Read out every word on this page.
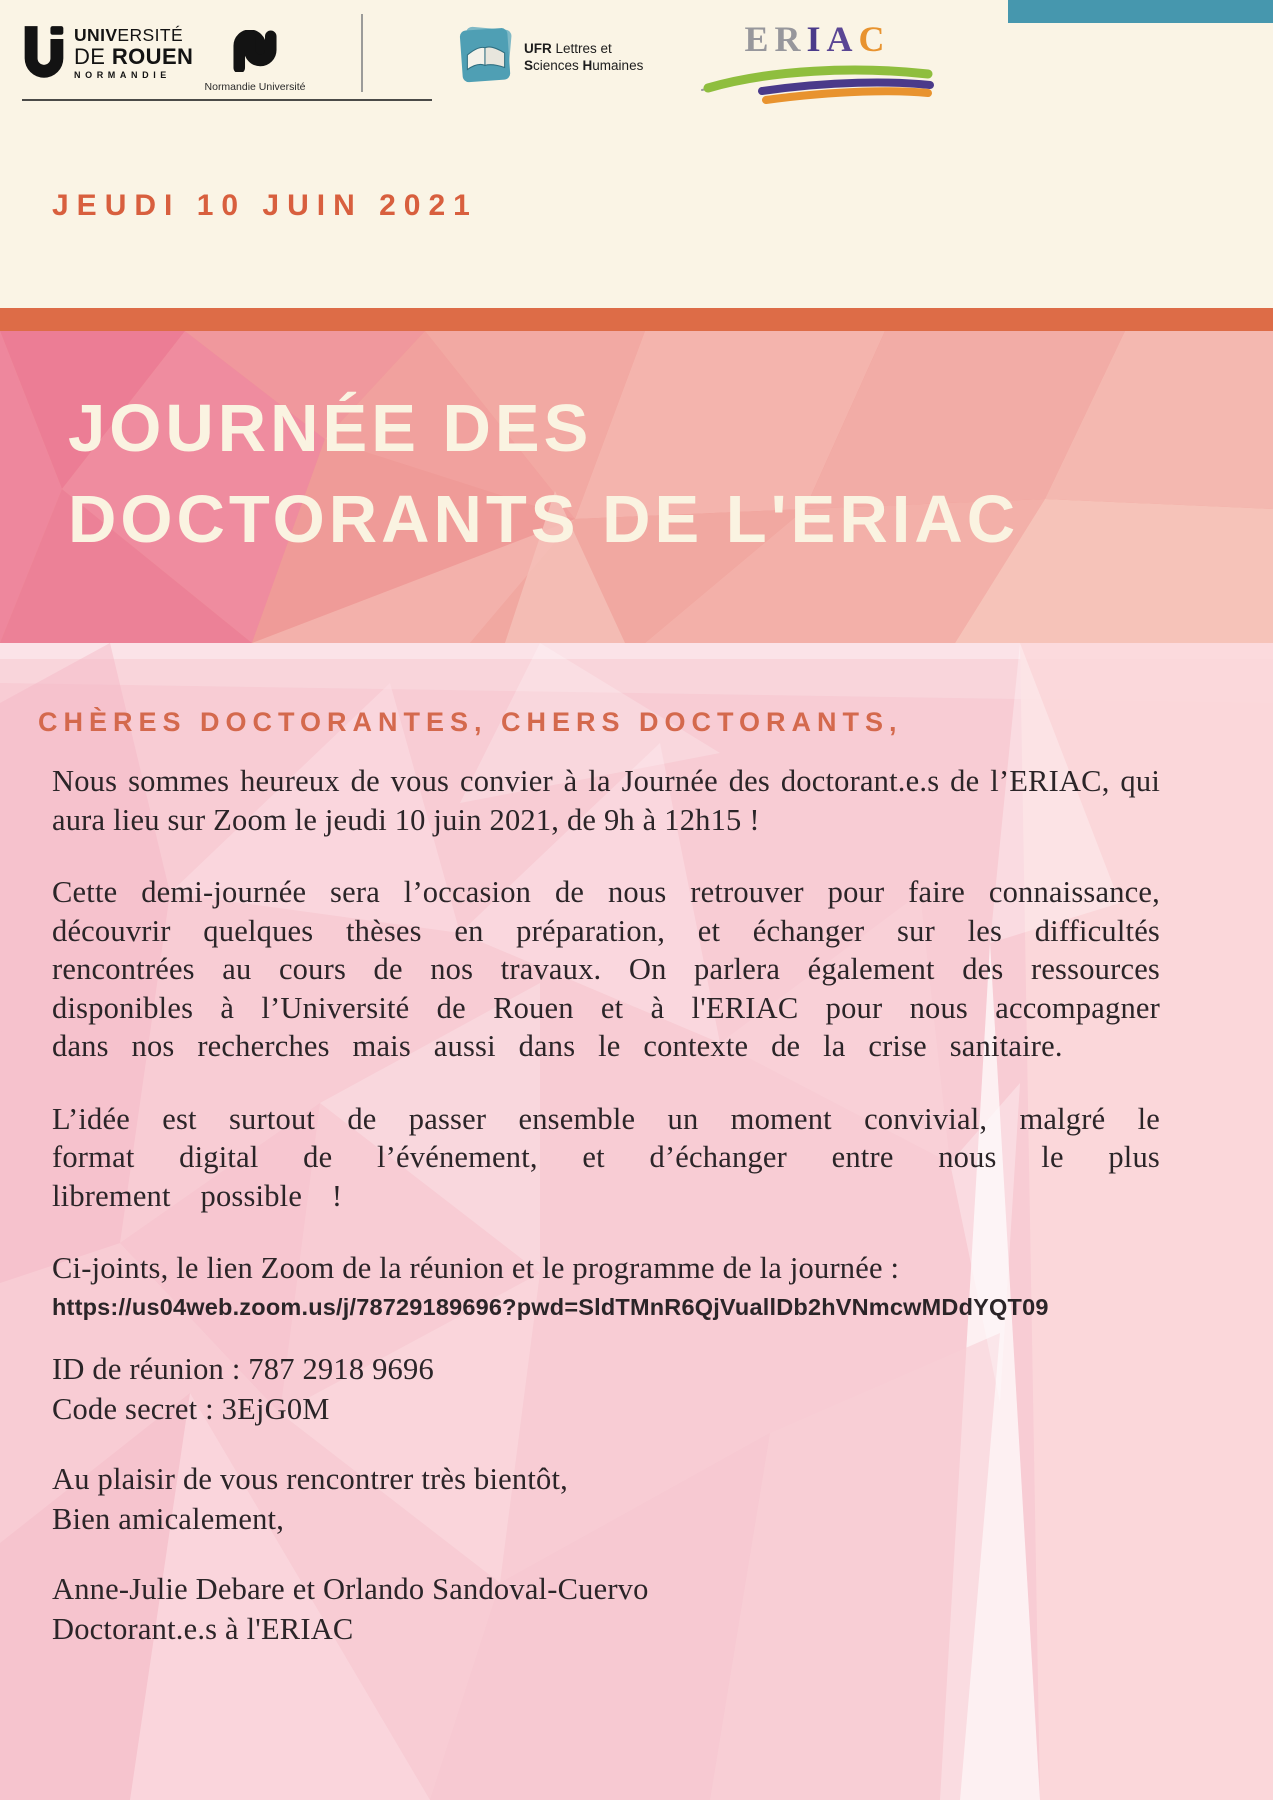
UNIVERSITÉ
DE ROUEN
NORMANDIE
Normandie Université
UFR Lettres et
Sciences Humaines
ERIAC
JEUDI 10 JUIN 2021
JOURNÉE DES
DOCTORANTS DE L'ERIAC
CHÈRES DOCTORANTES, CHERS DOCTORANTS,

Nous sommes heureux de vous convier à la Journée des doctorant.e.s de l’ERIAC, qui aura lieu sur Zoom le jeudi 10 juin 2021, de 9h à 12h15 !

Cette demi-journée sera l’occasion de nous retrouver pour faire connaissance, découvrir quelques thèses en préparation, et échanger sur les difficultés rencontrées au cours de nos travaux. On parlera également des ressources disponibles à l’Université de Rouen et à l'ERIAC pour nous accompagner dans nos recherches mais aussi dans le contexte de la crise sanitaire.

L’idée est surtout de passer ensemble un moment convivial, malgré le format digital de l’événement, et d’échanger entre nous le plus librement possible !

Ci-joints, le lien Zoom de la réunion et le programme de la journée :

https://us04web.zoom.us/j/78729189696?pwd=SldTMnR6QjVuallDb2hVNmcwMDdYQT09

ID de réunion : 787 2918 9696

Code secret : 3EjG0M

Au plaisir de vous rencontrer très bientôt,

Bien amicalement,

Anne-Julie Debare et Orlando Sandoval-Cuervo

Doctorant.e.s à l'ERIAC
